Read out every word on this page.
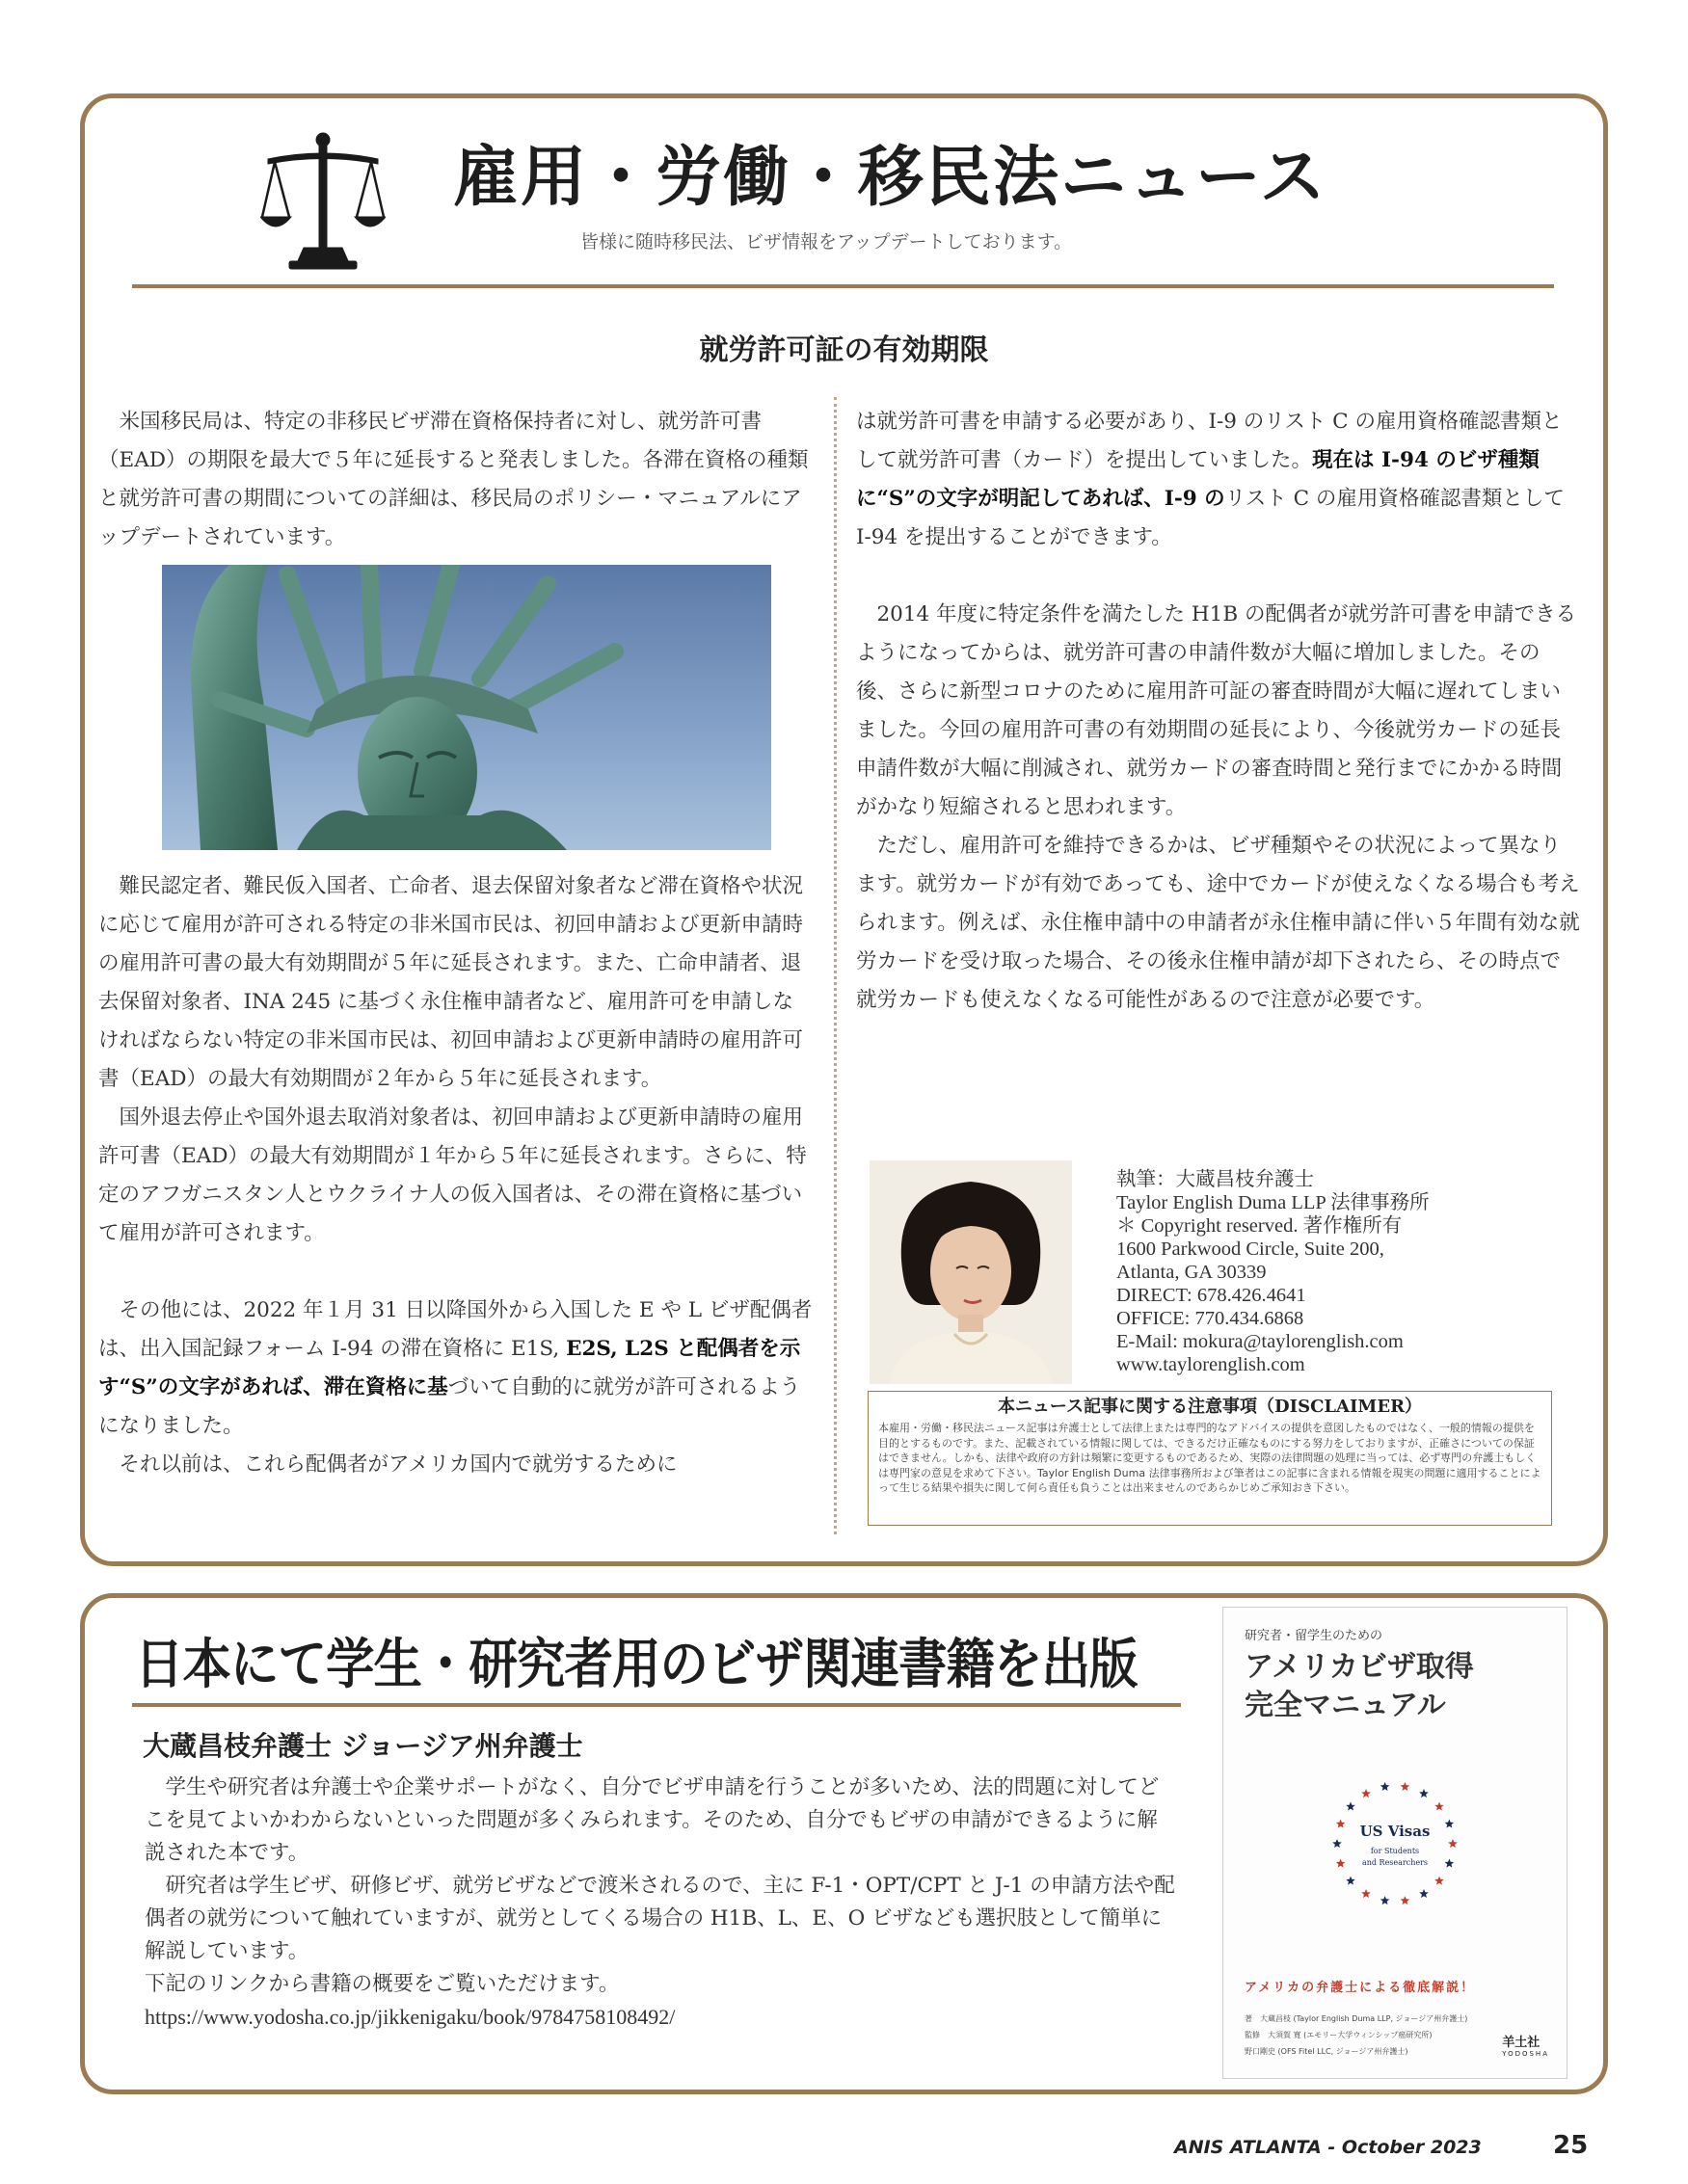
雇用・労働・移民法ニュース
皆様に随時移民法、ビザ情報をアップデートしております。
就労許可証の有効期限

米国移民局は、特定の非移民ビザ滞在資格保持者に対し、就労許可書（EAD）の期限を最大で５年に延長すると発表しました。各滞在資格の種類と就労許可書の期間についての詳細は、移民局のポリシー・マニュアルにアップデートされています。

難民認定者、難民仮入国者、亡命者、退去保留対象者など滞在資格や状況に応じて雇用が許可される特定の非米国市民は、初回申請および更新申請時の雇用許可書の最大有効期間が５年に延長されます。また、亡命申請者、退去保留対象者、INA 245 に基づく永住権申請者など、雇用許可を申請しなければならない特定の非米国市民は、初回申請および更新申請時の雇用許可書（EAD）の最大有効期間が２年から５年に延長されます。

国外退去停止や国外退去取消対象者は、初回申請および更新申請時の雇用許可書（EAD）の最大有効期間が１年から５年に延長されます。さらに、特定のアフガニスタン人とウクライナ人の仮入国者は、その滞在資格に基づいて雇用が許可されます。

その他には、2022 年１月 31 日以降国外から入国した E や L ビザ配偶者は、出入国記録フォーム I-94 の滞在資格に E1S, E2S, L2S と配偶者を示す“S”の文字があれば、滞在資格に基づいて自動的に就労が許可されるようになりました。

それ以前は、これら配偶者がアメリカ国内で就労するために

は就労許可書を申請する必要があり、I-9 のリスト C の雇用資格確認書類として就労許可書（カード）を提出していました。現在は I-94 のビザ種類に“S”の文字が明記してあれば、I-9 のリスト C の雇用資格確認書類として I-94 を提出することができます。

2014 年度に特定条件を満たした H1B の配偶者が就労許可書を申請できるようになってからは、就労許可書の申請件数が大幅に増加しました。その後、さらに新型コロナのために雇用許可証の審査時間が大幅に遅れてしまいました。今回の雇用許可書の有効期間の延長により、今後就労カードの延長申請件数が大幅に削減され、就労カードの審査時間と発行までにかかる時間がかなり短縮されると思われます。

ただし、雇用許可を維持できるかは、ビザ種類やその状況によって異なります。就労カードが有効であっても、途中でカードが使えなくなる場合も考えられます。例えば、永住権申請中の申請者が永住権申請に伴い５年間有効な就労カードを受け取った場合、その後永住権申請が却下されたら、その時点で就労カードも使えなくなる可能性があるので注意が必要です。

執筆：大蔵昌枝弁護士
Taylor English Duma LLP 法律事務所
＊ Copyright reserved. 著作権所有
1600 Parkwood Circle, Suite 200,
Atlanta, GA 30339
DIRECT: 678.426.4641
OFFICE: 770.434.6868
E-Mail: mokura@taylorenglish.com
www.taylorenglish.com
本ニュース記事に関する注意事項（DISCLAIMER）
本雇用・労働・移民法ニュース記事は弁護士として法律上または専門的なアドバイスの提供を意図したものではなく、一般的情報の提供を目的とするものです。また、記載されている情報に関しては、できるだけ正確なものにする努力をしておりますが、正確さについての保証はできません。しかも、法律や政府の方針は頻繁に変更するものであるため、実際の法律問題の処理に当っては、必ず専門の弁護士もしくは専門家の意見を求めて下さい。Taylor English Duma 法律事務所および筆者はこの記事に含まれる情報を現実の問題に適用することによって生じる結果や損失に関して何ら責任も負うことは出来ませんのであらかじめご承知おき下さい。
日本にて学生・研究者用のビザ関連書籍を出版
大蔵昌枝弁護士 ジョージア州弁護士

学生や研究者は弁護士や企業サポートがなく、自分でビザ申請を行うことが多いため、法的問題に対してどこを見てよいかわからないといった問題が多くみられます。そのため、自分でもビザの申請ができるように解説された本です。

研究者は学生ビザ、研修ビザ、就労ビザなどで渡米されるので、主に F-1・OPT/CPT と J-1 の申請方法や配偶者の就労について触れていますが、就労としてくる場合の H1B、L、E、O ビザなども選択肢として簡単に解説しています。

下記のリンクから書籍の概要をご覧いただけます。

https://www.yodosha.co.jp/jikkenigaku/book/9784758108492/

研究者・留学生のための
アメリカビザ取得
完全マニュアル
US Visas
for Students
and Researchers
アメリカの弁護士による徹底解説！
著　大蔵昌枝 (Taylor English Duma LLP, ジョージア州弁護士)
監修　大須賀 寛 (エモリー大学ウィンシップ癌研究所)
野口剛史 (OFS Fitel LLC, ジョージア州弁護士)
羊土社
YODOSHA
ANIS ATLANTA - October 2023	25
